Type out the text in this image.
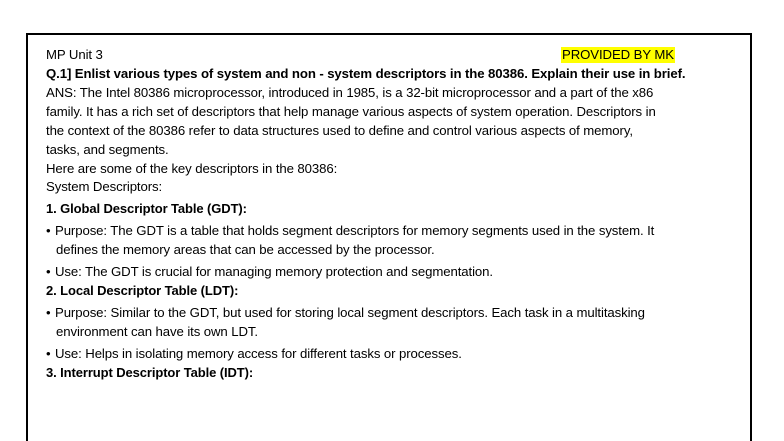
MP Unit 3	PROVIDED BY MK
Q.1] Enlist various types of system and non - system descriptors in the 80386. Explain their use in brief.
ANS: The Intel 80386 microprocessor, introduced in 1985, is a 32-bit microprocessor and a part of the x86
family. It has a rich set of descriptors that help manage various aspects of system operation. Descriptors in
the context of the 80386 refer to data structures used to define and control various aspects of memory,
tasks, and segments.
Here are some of the key descriptors in the 80386:
System Descriptors:
1. Global Descriptor Table (GDT):
• Purpose: The GDT is a table that holds segment descriptors for memory segments used in the system. It
defines the memory areas that can be accessed by the processor.
• Use: The GDT is crucial for managing memory protection and segmentation.
2. Local Descriptor Table (LDT):
• Purpose: Similar to the GDT, but used for storing local segment descriptors. Each task in a multitasking
environment can have its own LDT.
• Use: Helps in isolating memory access for different tasks or processes.
3. Interrupt Descriptor Table (IDT):
